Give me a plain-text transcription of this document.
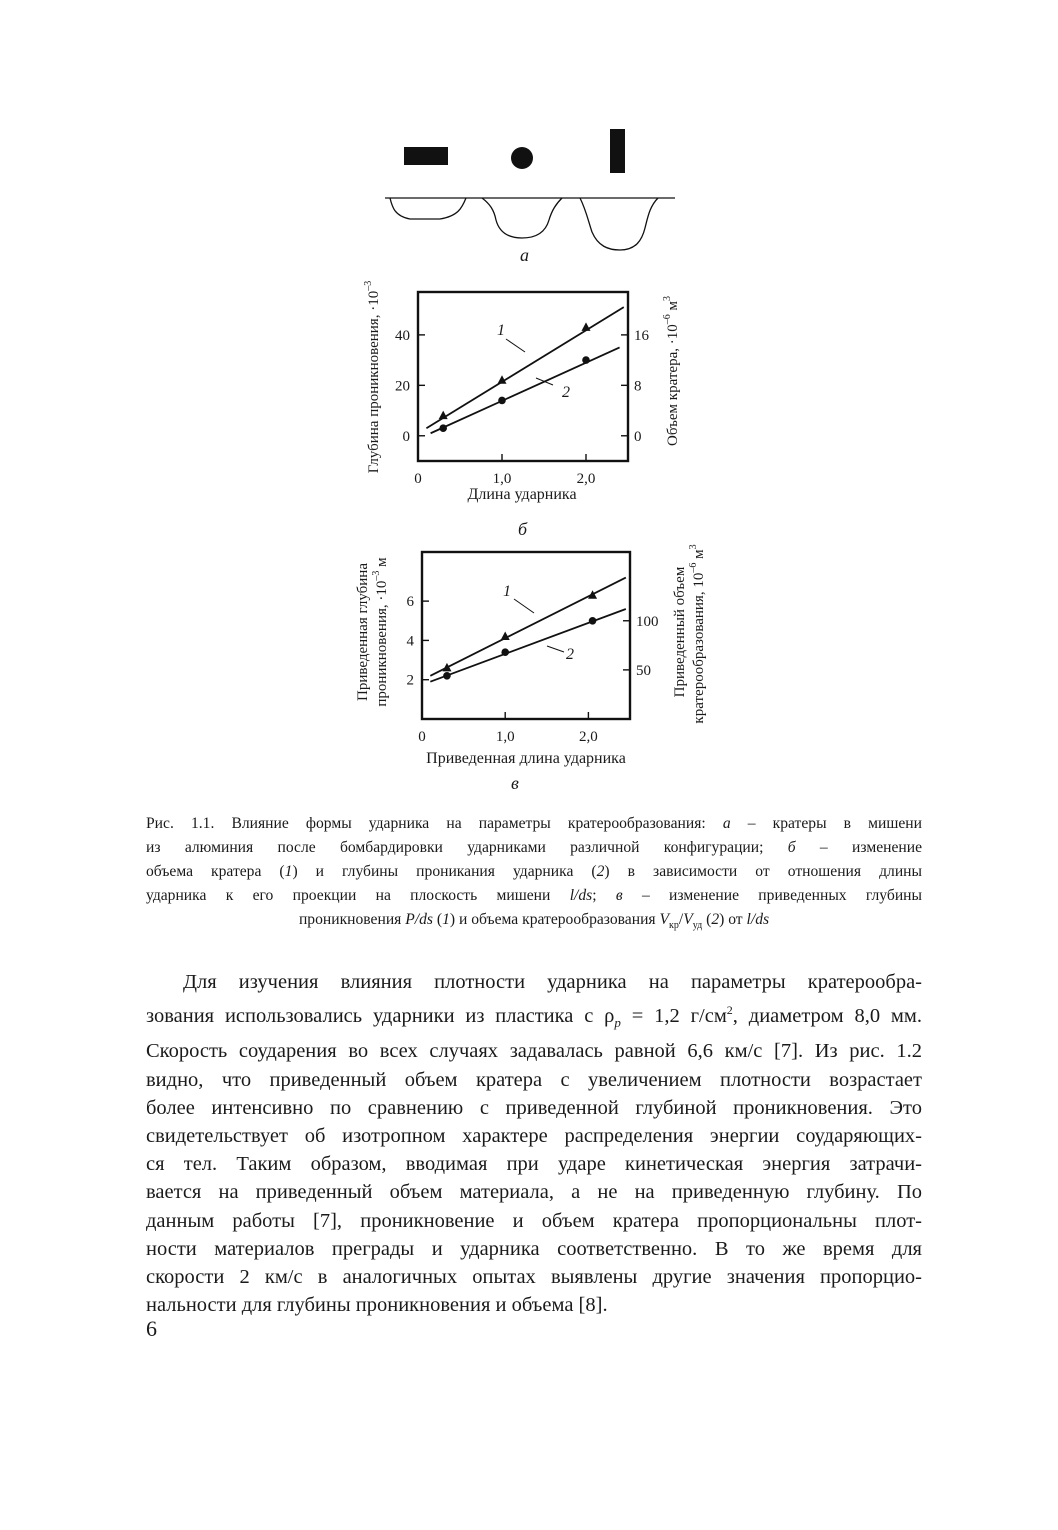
а
0	1,0	2,0
0
20
40
0
8
16
1
2
Длина ударника
Глубина проникновения, $\cdot 10^{-3}$
Объем кратера, $\cdot 10^{-6}$ $м^3$
б
0	1,0	2,0
2
4
6
50
100
1
2
Приведенная длина ударника
Приведенная глубина проникновения, $\cdot 10^{-3}$ м
Приведенный объем кратерообразования, $10^{-6}$ $м^3$
в
Рис. 1.1. Влияние формы ударника на параметры кратерообразования: а – кратеры в мишени
из алюминия после бомбардировки ударниками различной конфигурации; б – изменение
объема кратера (1) и глубины проникания ударника (2) в зависимости от отношения длины
ударника к его проекции на плоскость мишени l/ds; в – изменение приведенных глубины
проникновения P/ds (1) и объема кратерообразования $V_{кр}/V_{уд}$ (2) от l/ds
Для изучения влияния плотности ударника на параметры кратерообра-
зования использовались ударники из пластика с $\rho_p = 1,2$ $г/см^2$, диаметром 8,0 мм.
Скорость соударения во всех случаях задавалась равной 6,6 км/с [7]. Из рис. 1.2
видно, что приведенный объем кратера с увеличением плотности возрастает
более интенсивно по сравнению с приведенной глубиной проникновения. Это
свидетельствует об изотропном характере распределения энергии соударяющих-
ся тел. Таким образом, вводимая при ударе кинетическая энергия затрачи-
вается на приведенный объем материала, а не на приведенную глубину. По
данным работы [7], проникновение и объем кратера пропорциональны плот-
ности материалов преграды и ударника соответственно. В то же время для
скорости 2 км/с в аналогичных опытах выявлены другие значения пропорцио-
нальности для глубины проникновения и объема [8].
6
